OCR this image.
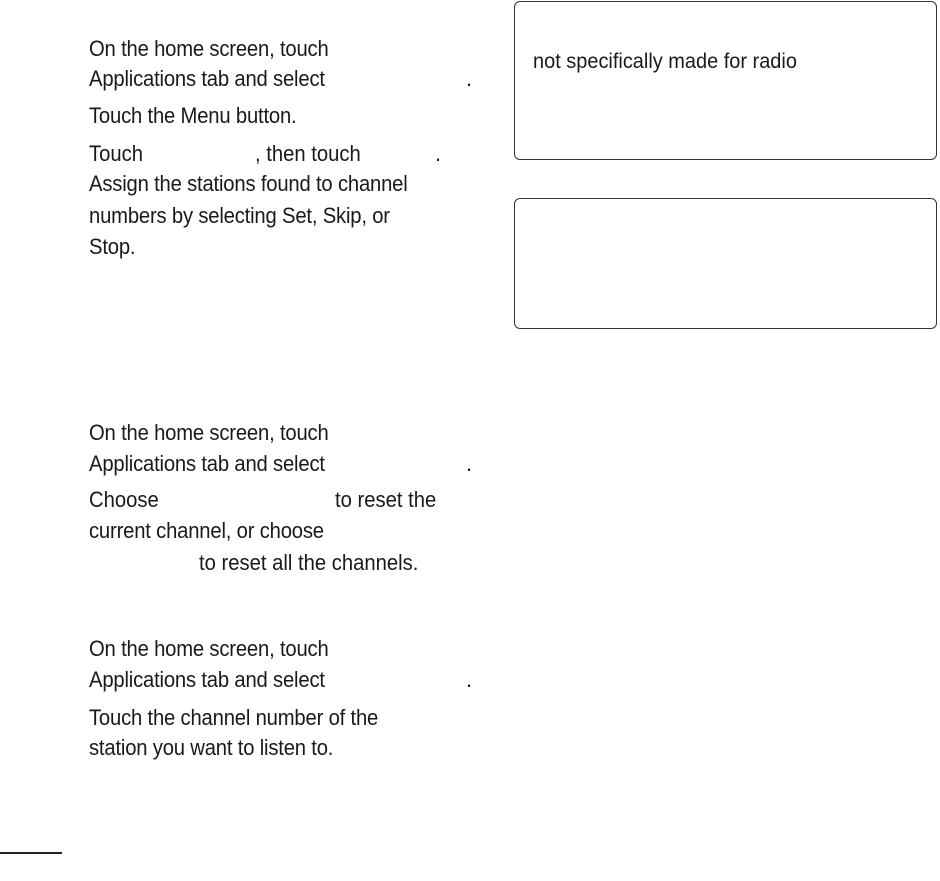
On the home screen, touch
Applications tab and select	.
Touch the Menu button.
Touch	, then touch	.
Assign the stations found to channel
numbers by selecting Set, Skip, or
Stop.
On the home screen, touch
Applications tab and select	.
Choose	to reset the
current channel, or choose
to reset all the channels.
On the home screen, touch
Applications tab and select	.
Touch the channel number of the
station you want to listen to.
not specifically made for radio
